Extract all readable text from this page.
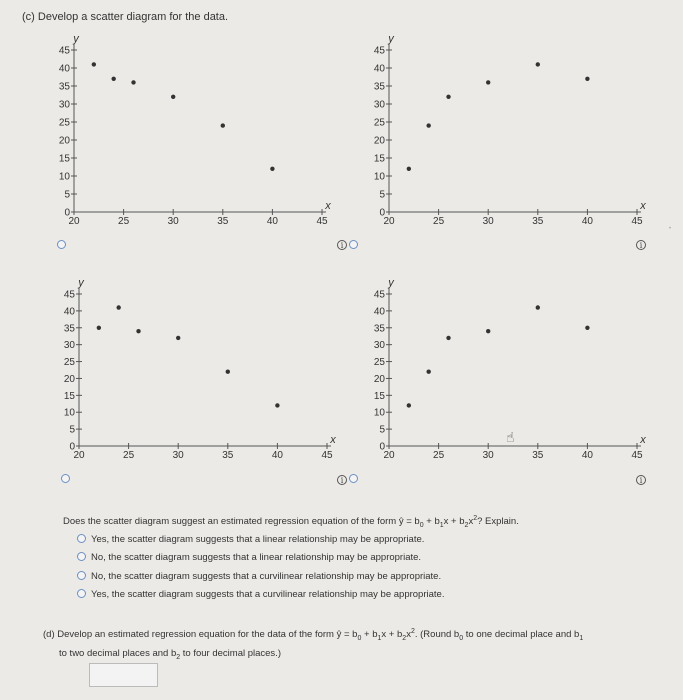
(c) Develop a scatter diagram for the data.
0
5
10
15
20
25
30
35
40
45
20	25	30	35	40	45
y
x
0
5
10
15
20
25
30
35
40
45
20	25	30	35	40	45
y
x
0
5
10
15
20
25
30
35
40
45
20	25	30	35	40	45
y
x
0
5
10
15
20
25
30
35
40
45
20	25	30	35	40	45
y
x
i	i
i	i
•
☝
Does the scatter diagram suggest an estimated regression equation of the form ŷ = $b_0 + b_1x + b_2x^2$? Explain.
Yes, the scatter diagram suggests that a linear relationship may be appropriate.
No, the scatter diagram suggests that a linear relationship may be appropriate.
No, the scatter diagram suggests that a curvilinear relationship may be appropriate.
Yes, the scatter diagram suggests that a curvilinear relationship may be appropriate.
(d) Develop an estimated regression equation for the data of the form ŷ = $b_0 + b_1x + b_2x^2$. (Round $b_0$ to one decimal place and $b_1$
to two decimal places and $b_2$ to four decimal places.)
